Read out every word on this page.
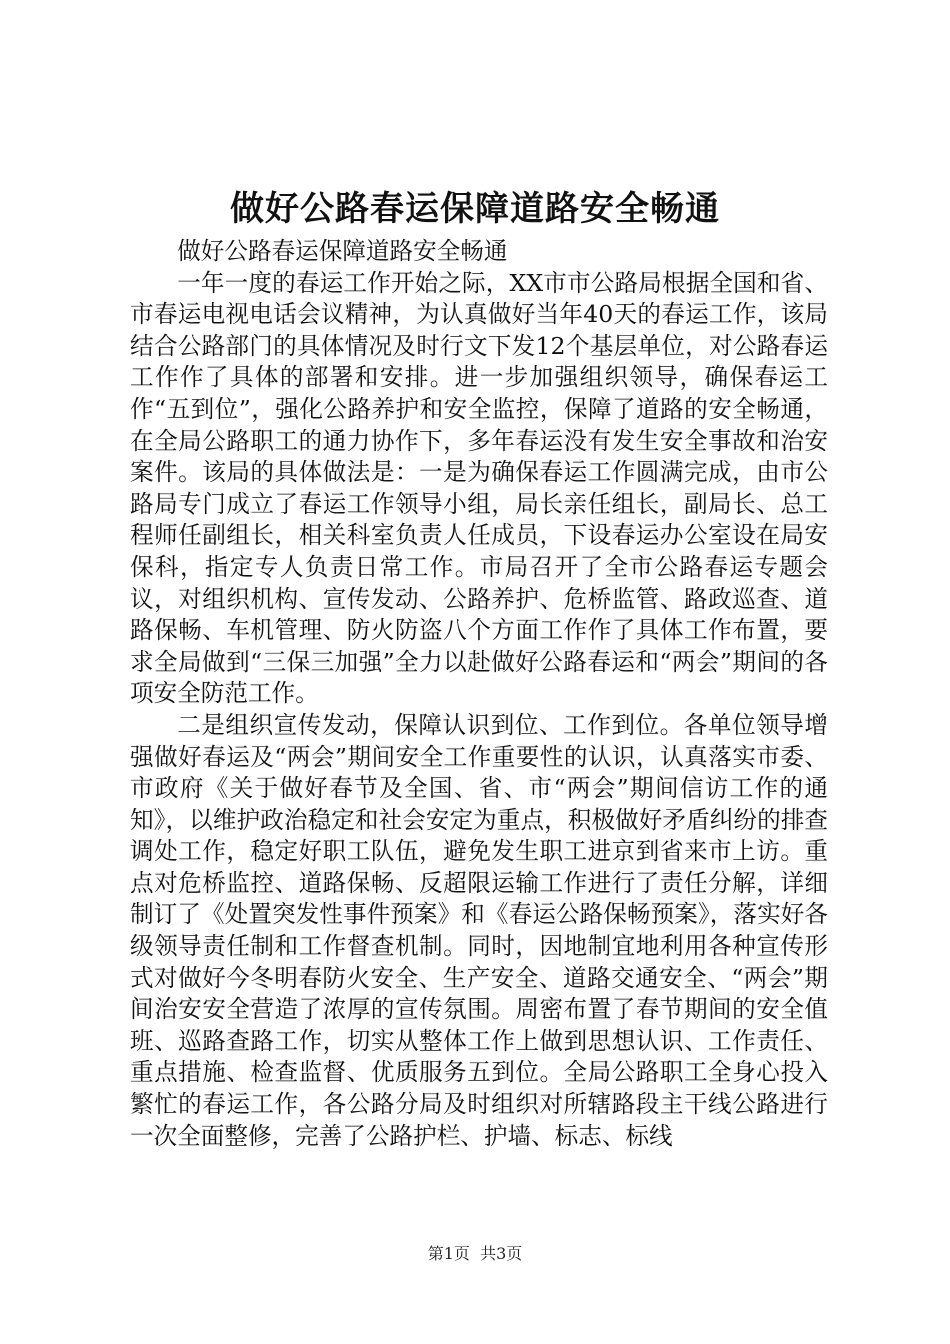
做好公路春运保障道路安全畅通

做好公路春运保障道路安全畅通

一年一度的春运工作开始之际，XX市市公路局根据全国和省、市春运电视电话会议精神，为认真做好当年40天的春运工作，该局结合公路部门的具体情况及时行文下发12个基层单位，对公路春运工作作了具体的部署和安排。进一步加强组织领导，确保春运工作“五到位”，强化公路养护和安全监控，保障了道路的安全畅通，在全局公路职工的通力协作下，多年春运没有发生安全事故和治安案件。该局的具体做法是：一是为确保春运工作圆满完成，由市公路局专门成立了春运工作领导小组，局长亲任组长，副局长、总工程师任副组长，相关科室负责人任成员，下设春运办公室设在局安保科，指定专人负责日常工作。市局召开了全市公路春运专题会议，对组织机构、宣传发动、公路养护、危桥监管、路政巡查、道路保畅、车机管理、防火防盗八个方面工作作了具体工作布置，要求全局做到“三保三加强”全力以赴做好公路春运和“两会”期间的各项安全防范工作。

二是组织宣传发动，保障认识到位、工作到位。各单位领导增强做好春运及“两会”期间安全工作重要性的认识，认真落实市委、市政府《关于做好春节及全国、省、市“两会”期间信访工作的通知》，以维护政治稳定和社会安定为重点，积极做好矛盾纠纷的排查调处工作，稳定好职工队伍，避免发生职工进京到省来市上访。重点对危桥监控、道路保畅、反超限运输工作进行了责任分解，详细制订了《处置突发性事件预案》和《春运公路保畅预案》，落实好各级领导责任制和工作督查机制。同时，因地制宜地利用各种宣传形式对做好今冬明春防火安全、生产安全、道路交通安全、“两会”期间治安安全营造了浓厚的宣传氛围。周密布置了春节期间的安全值班、巡路查路工作，切实从整体工作上做到思想认识、工作责任、重点措施、检查监督、优质服务五到位。全局公路职工全身心投入繁忙的春运工作，各公路分局及时组织对所辖路段主干线公路进行一次全面整修，完善了公路护栏、护墙、标志、标线

第1页 共3页
